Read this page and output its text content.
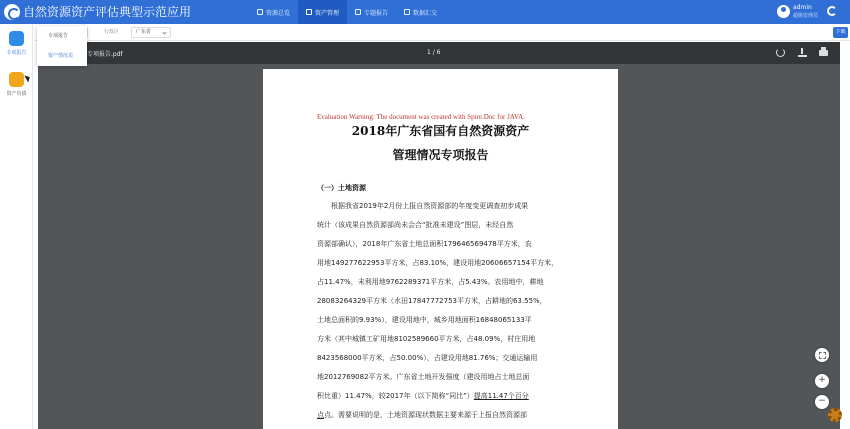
自然资源资产评估典型示范应用	资源总览	资产管理	专题报告	数据汇交
admin
超级管理员
专项报告
资产负债
行政区	广东省	下载
专项报告
资产情况表	专项报告.pdf	1 / 6
Evaluation Warning: The document was created with Spire.Doc for JAVA.
2018年广东省国有自然资源资产
管理情况专项报告
（一）土地资源
根据我省2019年2月份上报自然资源部的年度变更调查初步成果
统计（该成果自然资源部尚未会合“批准未建设”图层，未经自然
资源部确认），2018年广东省土地总面积179646569478平方米，农
用地149277622953平方米，占83.10%，建设用地20606657154平方米，
占11.47%，未利用地9762289371平方米，占5.43%。农用地中，耕地
28083264329平方米（水田17847772753平方米，占耕地的63.55%，
土地总面积的9.93%），建设用地中，城乡用地面积16848065133平
方米（其中城镇工矿用地8102589660平方米，占48.09%，村庄用地
8423568000平方米，占50.00%），占建设用地81.76%；交通运输用
地2012769082平方米。广东省土地开发强度（建设用地占土地总面
积比重）11.47%，较2017年（以下简称“同比”）提高11.47个百分
点点。需要说明的是，土地资源现状数据主要来源于上报自然资源部
+
−
